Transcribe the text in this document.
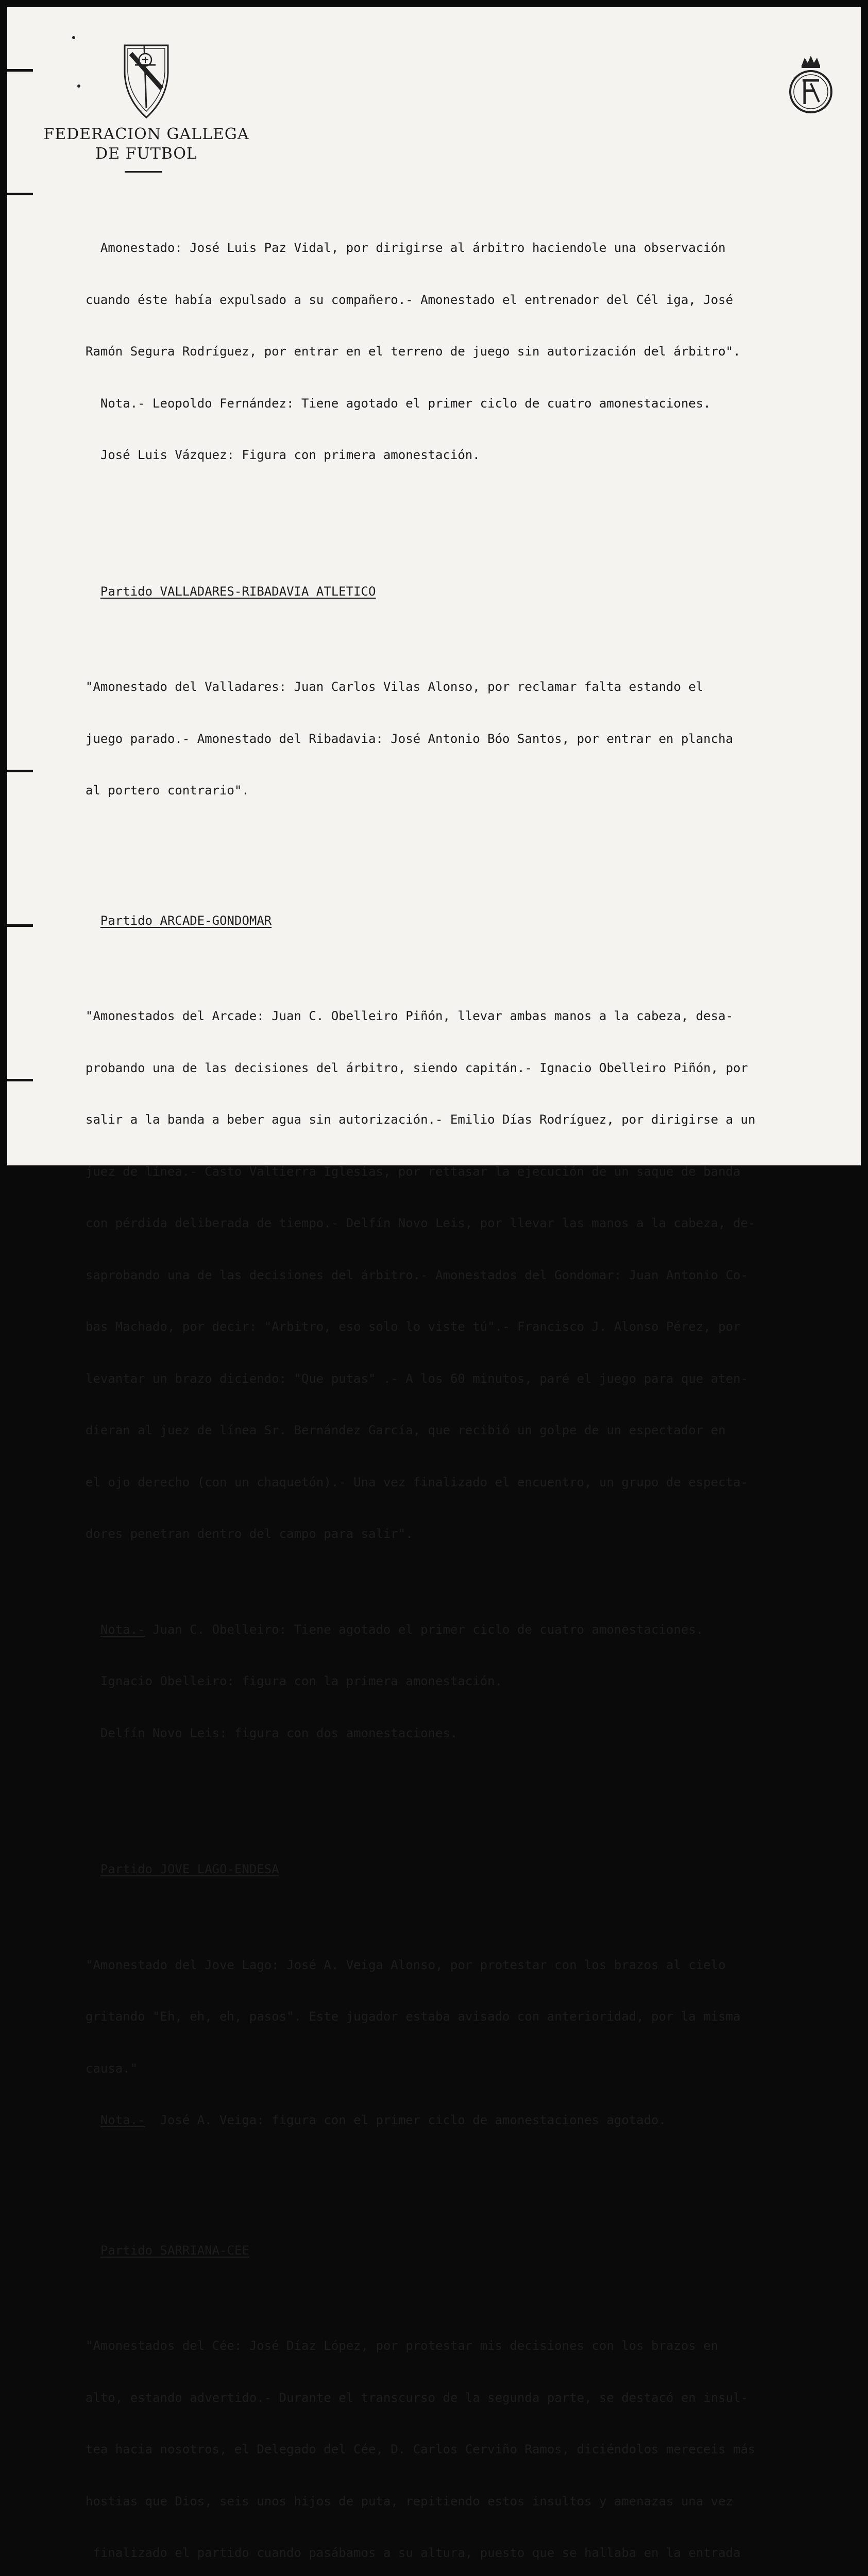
FEDERACION GALLEGA
DE FUTBOL

Amonestado: José Luis Paz Vidal, por dirigirse al árbitro haciendole una observación

cuando éste había expulsado a su compañero.- Amonestado el entrenador del Cél iga, José

Ramón Segura Rodríguez, por entrar en el terreno de juego sin autorización del árbitro".

Nota.- Leopoldo Fernández: Tiene agotado el primer ciclo de cuatro amonestaciones.

José Luis Vázquez: Figura con primera amonestación.

Partido VALLADARES-RIBADAVIA ATLETICO

"Amonestado del Valladares: Juan Carlos Vilas Alonso, por reclamar falta estando el

juego parado.- Amonestado del Ribadavia: José Antonio Bóo Santos, por entrar en plancha

al portero contrario".

Partido ARCADE-GONDOMAR

"Amonestados del Arcade: Juan C. Obelleiro Piñón, llevar ambas manos a la cabeza, desa-

probando una de las decisiones del árbitro, siendo capitán.- Ignacio Obelleiro Piñón, por

salir a la banda a beber agua sin autorización.- Emilio Días Rodríguez, por dirigirse a un

juez de línea.- Casto Valtierra Iglesias, por rettasar la ejecución de un saque de banda

con pérdida deliberada de tiempo.- Delfín Novo Leis, por llevar las manos a la cabeza, de-

saprobando una de las decisiones del árbitro.- Amonestados del Gondomar: Juan Antonio Co-

bas Machado, por decir: "Arbitro, eso solo lo viste tú".- Francisco J. Alonso Pérez, por

levantar un brazo diciendo: "Que putas" .- A los 60 minutos, paré el juego para que aten-

dieran al juez de línea Sr. Bernández García, que recibió un golpe de un espectador en

el ojo derecho (con un chaquetón).- Una vez finalizado el encuentro, un grupo de especta-

dores penetran dentro del campo para salir".

Nota.- Juan C. Obelleiro: Tiene agotado el primer ciclo de cuatro amonestaciones.

Ignacio Obelleiro: figura con la primera amonestación.

Delfín Novo Leis: figura con dos amonestaciones.

Partido JOVE LAGO-ENDESA

"Amonestado del Jove Lago: José A. Veiga Alonso, por protestar con los brazos al cielo

gritando "Eh, eh, eh, pasos". Este jugador estaba avisado con anterioridad, por la misma

causa."

Nota.-  José A. Veiga: figura con el primer ciclo de amonestaciones agotado.

Partido SARRIANA-CEE

"Amonestados del Cée: José Díaz López, por protestar mis decisiones con los brazos en

alto, estando advertido.- Durante el transcurso de la segunda parte, se destacó en insul-

tea hacia nosotros, el Delegado del Cée, D. Carlos Cerviño Ramos, diciéndolos mereceis más

hostias que Dios, seis unos hijos de puta, repitiendo estos insultos y amenazas una vez

finalizado el partido cuando pasábamos a su altura, puesto que se hallaba en la entrada
